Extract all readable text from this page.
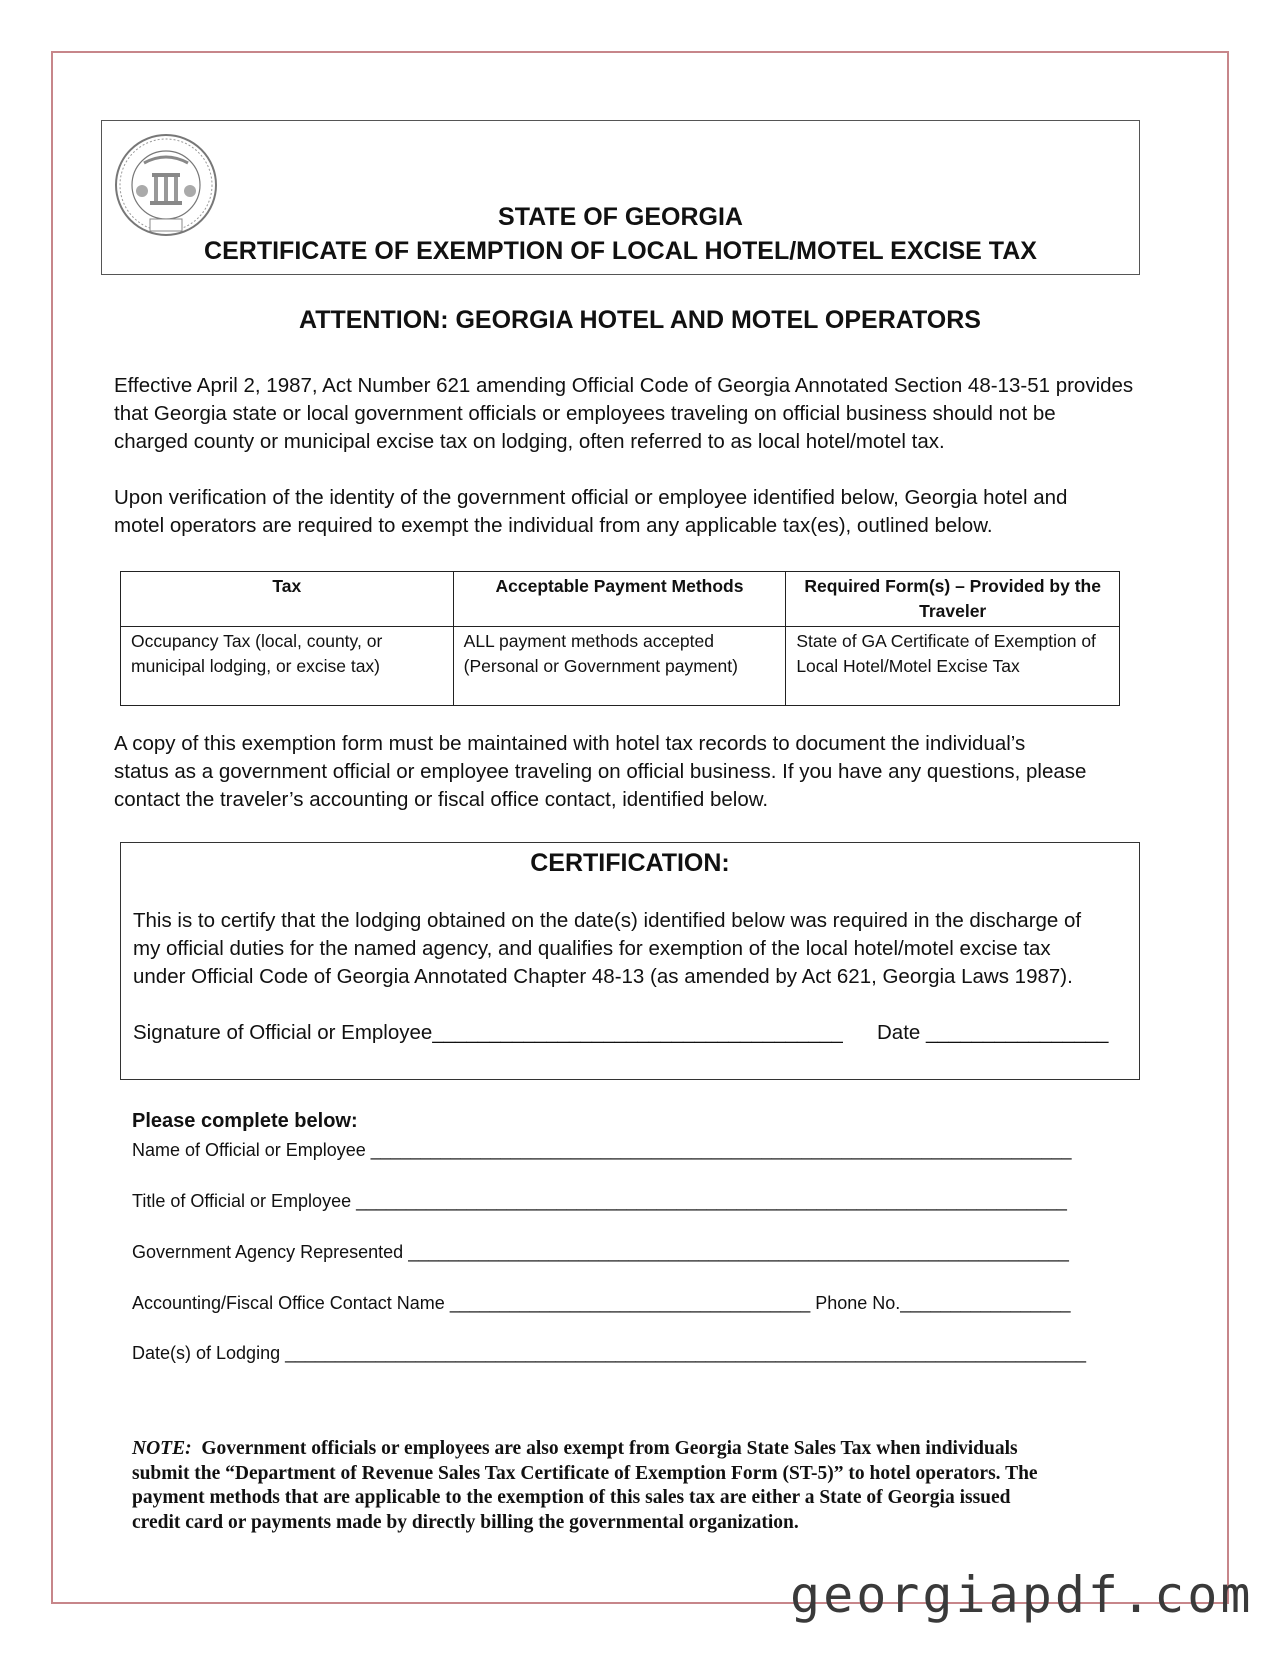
STATE OF GEORGIA
CERTIFICATE OF EXEMPTION OF LOCAL HOTEL/MOTEL EXCISE TAX
ATTENTION: GEORGIA HOTEL AND MOTEL OPERATORS
Effective April 2, 1987, Act Number 621 amending Official Code of Georgia Annotated Section 48-13-51 provides
that Georgia state or local government officials or employees traveling on official business should not be
charged county or municipal excise tax on lodging, often referred to as local hotel/motel tax.
Upon verification of the identity of the government official or employee identified below, Georgia hotel and
motel operators are required to exempt the individual from any applicable tax(es), outlined below.
Tax	Acceptable Payment Methods	Required Form(s) – Provided by the Traveler
Occupancy Tax (local, county, or municipal lodging, or excise tax)	ALL payment methods accepted (Personal or Government payment)	State of GA Certificate of Exemption of Local Hotel/Motel Excise Tax
A copy of this exemption form must be maintained with hotel tax records to document the individual’s
status as a government official or employee traveling on official business. If you have any questions, please
contact the traveler’s accounting or fiscal office contact, identified below.
CERTIFICATION:
This is to certify that the lodging obtained on the date(s) identified below was required in the discharge of
my official duties for the named agency, and qualifies for exemption of the local hotel/motel excise tax
under Official Code of Georgia Annotated Chapter 48-13 (as amended by Act 621, Georgia Laws 1987).
Signature of Official or Employee____________________________________ Date ________________
Please complete below:
Name of Official or Employee ______________________________________________________________________
Title of Official or Employee _______________________________________________________________________
Government Agency Represented __________________________________________________________________
Accounting/Fiscal Office Contact Name ____________________________________ Phone No._________________
Date(s) of Lodging ________________________________________________________________________________
NOTE: Government officials or employees are also exempt from Georgia State Sales Tax when individuals
submit the “Department of Revenue Sales Tax Certificate of Exemption Form (ST-5)” to hotel operators. The
payment methods that are applicable to the exemption of this sales tax are either a State of Georgia issued
credit card or payments made by directly billing the governmental organization.
georgiapdf.com
